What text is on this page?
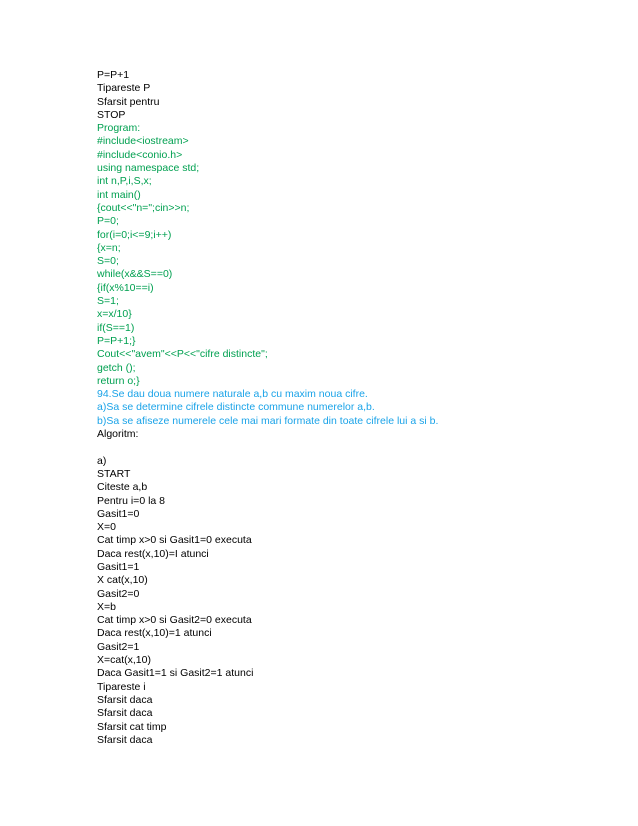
P=P+1
Tipareste P
Sfarsit pentru
STOP
Program:
#include<iostream>
#include<conio.h>
using namespace std;
int n,P,i,S,x;
int main()
{cout<<"n=";cin>>n;
P=0;
for(i=0;i<=9;i++)
{x=n;
S=0;
while(x&&S==0)
{if(x%10==i)
S=1;
x=x/10}
if(S==1)
P=P+1;}
Cout<<"avem"<<P<<"cifre distincte";
getch ();
return o;}
94.Se dau doua numere naturale a,b cu maxim noua cifre.
a)Sa se determine cifrele distincte commune numerelor a,b.
b)Sa se afiseze numerele cele mai mari formate din toate cifrele lui a si b.
Algoritm:
a)
START
Citeste a,b
Pentru i=0 la 8
Gasit1=0
X=0
Cat timp x>0 si Gasit1=0 executa
Daca rest(x,10)=I atunci
Gasit1=1
X cat(x,10)
Gasit2=0
X=b
Cat timp x>0 si Gasit2=0 executa
Daca rest(x,10)=1 atunci
Gasit2=1
X=cat(x,10)
Daca Gasit1=1 si Gasit2=1 atunci
Tipareste i
Sfarsit daca
Sfarsit daca
Sfarsit cat timp
Sfarsit daca
